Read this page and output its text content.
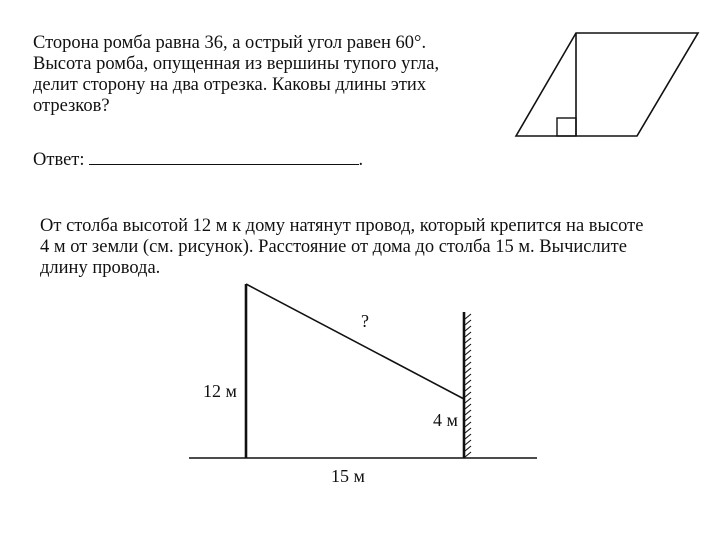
Сторона ромба равна 36, а острый угол равен 60°.
Высота ромба, опущенная из вершины тупого угла,
делит сторону на два отрезка. Каковы длины этих
отрезков?
Ответ:	.
От столба высотой 12 м к дому натянут провод, который крепится на высоте
4 м от земли (см. рисунок). Расстояние от дома до столба 15 м. Вычислите
длину провода.
?
12 м
4 м
15 м
